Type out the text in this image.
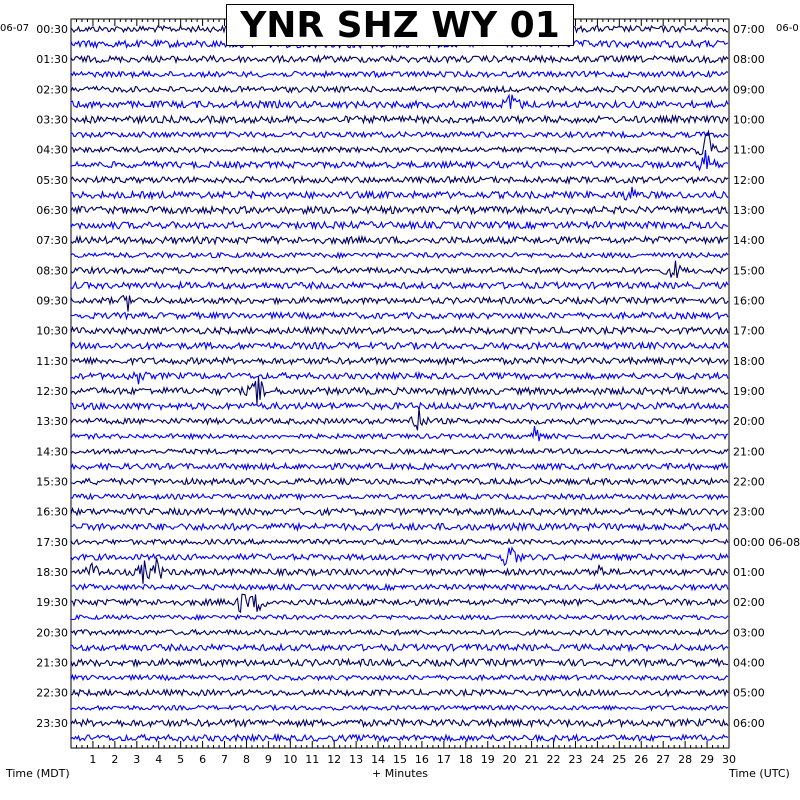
1 2 3 4 5 6 7 8 9 10 11 12 13 14 15 16 17 18 19 20 21 22 23 24 25 26 27 28 29 30
00:30
01:30
02:30
03:30
04:30
05:30
06:30
07:30
08:30
09:30
10:30
11:30
12:30
13:30
14:30
15:30
16:30
17:30
18:30
19:30
20:30
21:30
22:30
23:30
07:00
08:00
09:00
10:00
11:00
12:00
13:00
14:00
15:00
16:00
17:00
18:00
19:00
20:00
21:00
22:00
23:00
00:00 06-08
01:00
02:00
03:00
04:00
05:00
06:00
06-07	06-0
Time (MDT)	+ Minutes	Time (UTC)
YNR SHZ WY 01
